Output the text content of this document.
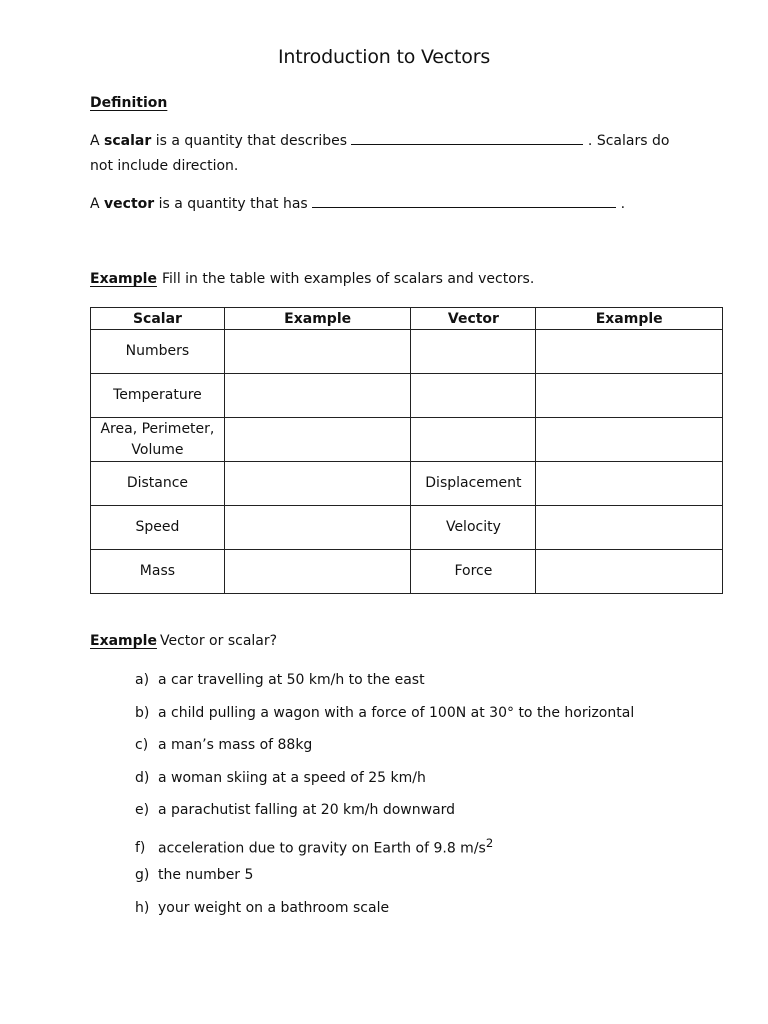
Introduction to Vectors
Definition
A scalar is a quantity that describes	. Scalars do
not include direction.
A vector is a quantity that has	.
Example Fill in the table with examples of scalars and vectors.
Scalar	Example	Vector	Example
Numbers			
Temperature			
Area, Perimeter, Volume			
Distance		Displacement	
Speed		Velocity	
Mass		Force	
Example Vector or scalar?
a) a car travelling at 50 km/h to the east
b) a child pulling a wagon with a force of 100N at 30° to the horizontal
c) a man’s mass of 88kg
d) a woman skiing at a speed of 25 km/h
e) a parachutist falling at 20 km/h downward
f) acceleration due to gravity on Earth of 9.8 $m/s^2$
g) the number 5
h) your weight on a bathroom scale
